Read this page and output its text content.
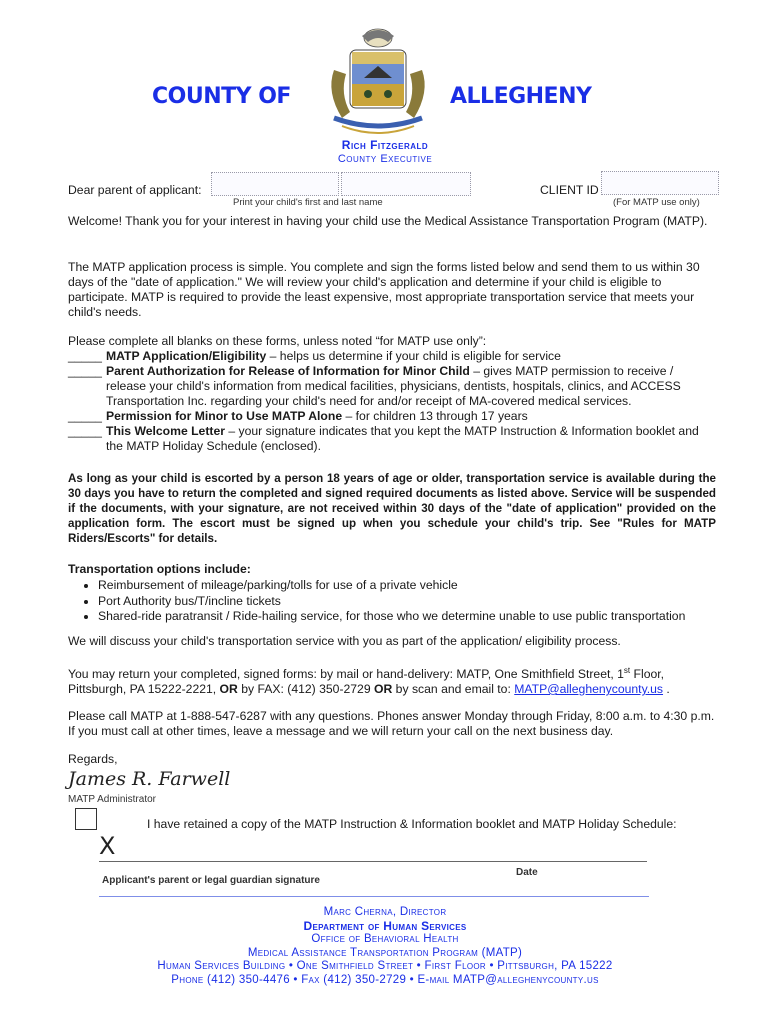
COUNTY OF	ALLEGHENY
Rich Fitzgerald
County Executive
Dear parent of applicant:
Print your child's first and last name
CLIENT ID
(For MATP use only)
Welcome! Thank you for your interest in having your child use the Medical Assistance Transportation Program (MATP).
The MATP application process is simple. You complete and sign the forms listed below and send them to us within 30 days of the "date of application." We will review your child's application and determine if your child is eligible to participate. MATP is required to provide the least expensive, most appropriate transportation service that meets your child's needs.
Please complete all blanks on these forms, unless noted “for MATP use only”:
_____ MATP Application/Eligibility – helps us determine if your child is eligible for service
_____ Parent Authorization for Release of Information for Minor Child – gives MATP permission to receive / release your child's information from medical facilities, physicians, dentists, hospitals, clinics, and ACCESS Transportation Inc. regarding your child's need for and/or receipt of MA-covered medical services.
_____ Permission for Minor to Use MATP Alone – for children 13 through 17 years
_____ This Welcome Letter – your signature indicates that you kept the MATP Instruction & Information booklet and the MATP Holiday Schedule (enclosed).
As long as your child is escorted by a person 18 years of age or older, transportation service is available during the 30 days you have to return the completed and signed required documents as listed above. Service will be suspended if the documents, with your signature, are not received within 30 days of the "date of application" provided on the application form. The escort must be signed up when you schedule your child's trip. See "Rules for MATP Riders/Escorts" for details.
Transportation options include:
• Reimbursement of mileage/parking/tolls for use of a private vehicle
• Port Authority bus/T/incline tickets
• Shared-ride paratransit / Ride-hailing service, for those who we determine unable to use public transportation
We will discuss your child's transportation service with you as part of the application/ eligibility process.
You may return your completed, signed forms: by mail or hand-delivery: MATP, One Smithfield Street, 1st Floor, Pittsburgh, PA 15222-2221, OR by FAX: (412) 350-2729 OR by scan and email to: MATP@alleghenycounty.us .
Please call MATP at 1-888-547-6287 with any questions. Phones answer Monday through Friday, 8:00 a.m. to 4:30 p.m. If you must call at other times, leave a message and we will return your call on the next business day.
Regards,
James R. Farwell
MATP Administrator
I have retained a copy of the MATP Instruction & Information booklet and MATP Holiday Schedule:
X
Date
Applicant's parent or legal guardian signature
Marc Cherna, Director
Department of Human Services
Office of Behavioral Health
Medical Assistance Transportation Program (MATP)
Human Services Building • One Smithfield Street • First Floor • Pittsburgh, PA 15222
Phone (412) 350-4476 • Fax (412) 350-2729 • E-mail MATP@alleghenycounty.us
